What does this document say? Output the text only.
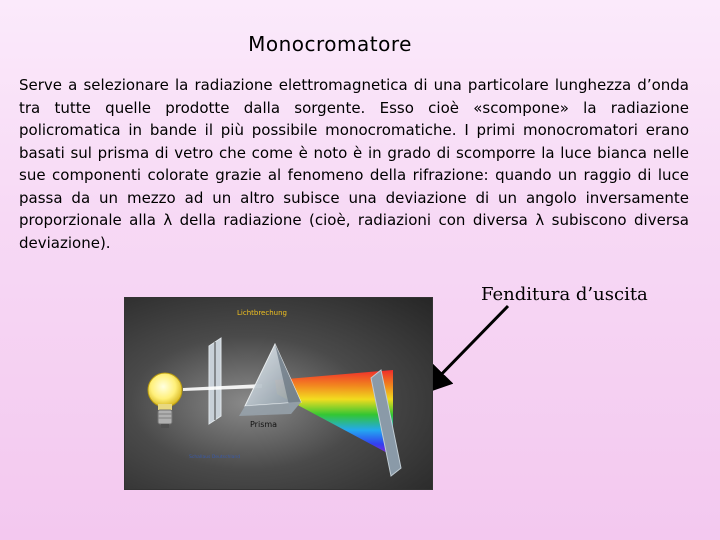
Monocromatore
Serve a selezionare la radiazione elettromagnetica di una particolare lunghezza d’onda tra tutte quelle prodotte dalla sorgente. Esso cioè «scompone» la radiazione policromatica in bande il più possibile monocromatiche. I primi monocromatori erano basati sul prisma di vetro che come è noto è in grado di scomporre la luce bianca nelle sue componenti colorate grazie al fenomeno della rifrazione: quando un raggio di luce passa da un mezzo ad un altro subisce una deviazione di un angolo inversamente proporzionale alla λ della radiazione (cioè, radiazioni con diversa λ subiscono diversa deviazione).
Fenditura d’uscita
Lichtbrechung
Prisma
Schallaus Deutschland
